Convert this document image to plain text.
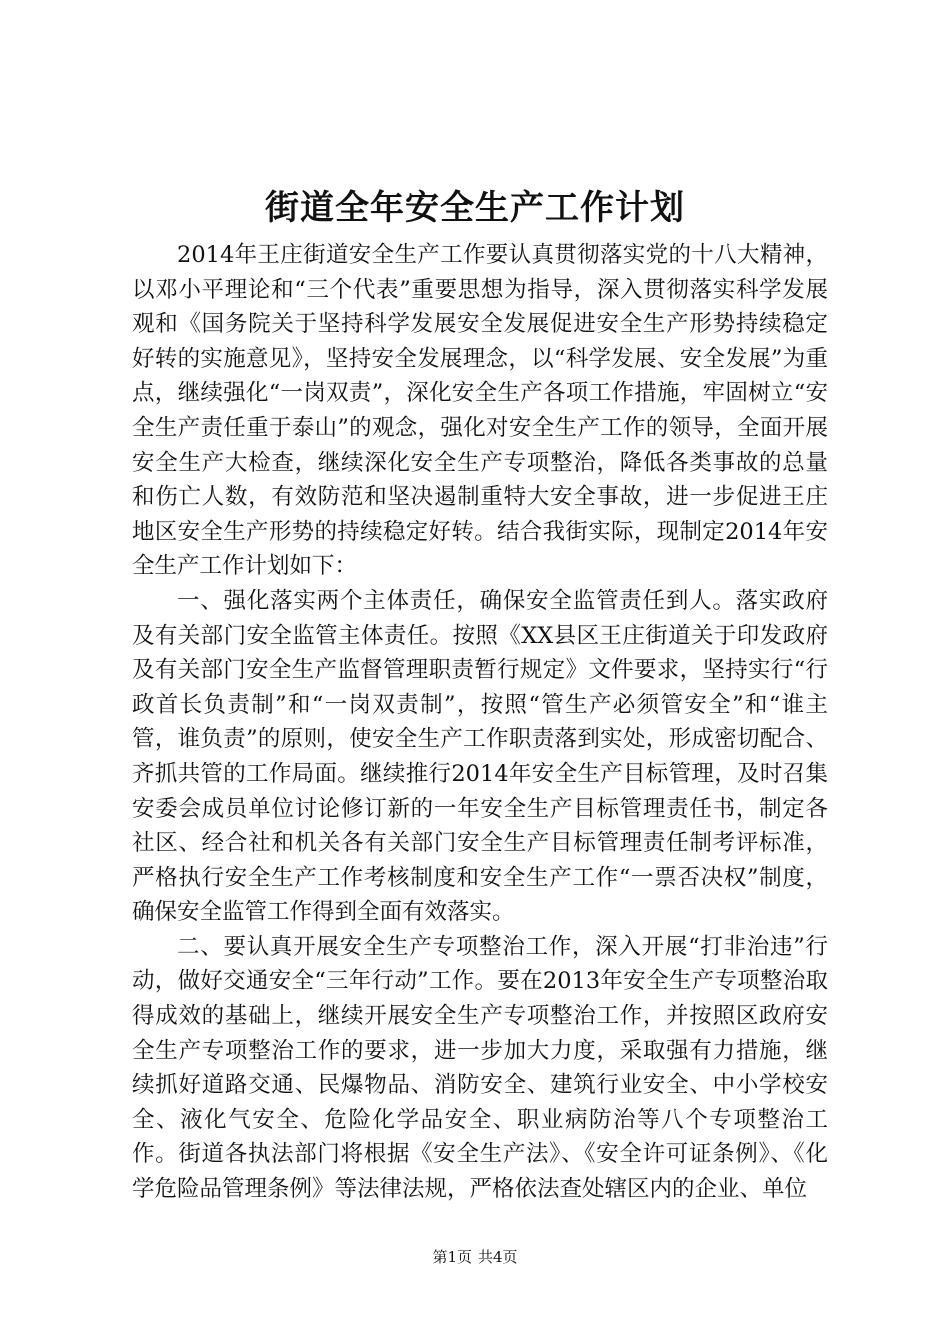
街道全年安全生产工作计划

2014年王庄街道安全生产工作要认真贯彻落实党的十八大精神，以邓小平理论和“三个代表”重要思想为指导，深入贯彻落实科学发展观和《国务院关于坚持科学发展安全发展促进安全生产形势持续稳定好转的实施意见》，坚持安全发展理念，以“科学发展、安全发展”为重点，继续强化“一岗双责”，深化安全生产各项工作措施，牢固树立“安全生产责任重于泰山”的观念，强化对安全生产工作的领导，全面开展安全生产大检查，继续深化安全生产专项整治，降低各类事故的总量和伤亡人数，有效防范和坚决遏制重特大安全事故，进一步促进王庄地区安全生产形势的持续稳定好转。结合我街实际，现制定2014年安全生产工作计划如下：

一、强化落实两个主体责任，确保安全监管责任到人。落实政府及有关部门安全监管主体责任。按照《XX县区王庄街道关于印发政府及有关部门安全生产监督管理职责暂行规定》文件要求，坚持实行“行政首长负责制”和“一岗双责制”，按照“管生产必须管安全”和“谁主管，谁负责”的原则，使安全生产工作职责落到实处，形成密切配合、齐抓共管的工作局面。继续推行2014年安全生产目标管理，及时召集安委会成员单位讨论修订新的一年安全生产目标管理责任书，制定各社区、经合社和机关各有关部门安全生产目标管理责任制考评标准，严格执行安全生产工作考核制度和安全生产工作“一票否决权”制度，确保安全监管工作得到全面有效落实。

二、要认真开展安全生产专项整治工作，深入开展“打非治违”行动，做好交通安全“三年行动”工作。要在2013年安全生产专项整治取得成效的基础上，继续开展安全生产专项整治工作，并按照区政府安全生产专项整治工作的要求，进一步加大力度，采取强有力措施，继续抓好道路交通、民爆物品、消防安全、建筑行业安全、中小学校安全、液化气安全、危险化学品安全、职业病防治等八个专项整治工作。街道各执法部门将根据《安全生产法》、《安全许可证条例》、《化学危险品管理条例》等法律法规，严格依法查处辖区内的企业、单位

第1页 共4页
